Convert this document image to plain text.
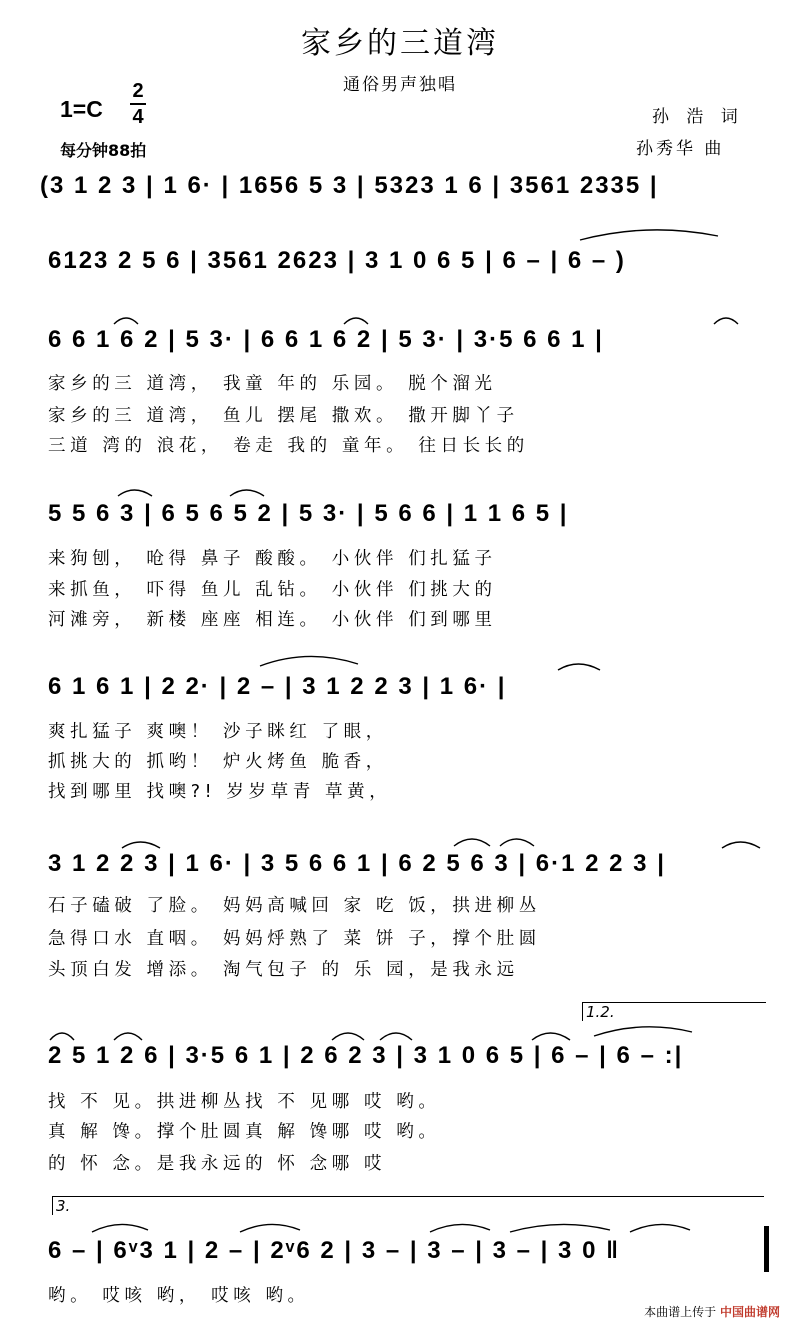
家乡的三道湾
通俗男声独唱
1=C
2
4
每分钟88拍
孙 浩 词
孙秀华 曲
(3 1 2 3 | 1 6· | 1656 5 3 | 5323 1 6 | 3561 2335 |
6123 2 5 6 | 3561 2623 | 3 1 0 6 5 | 6 – | 6 – )
6 6 1 6 2 | 5 3· | 6 6 1 6 2 | 5 3· | 3·5 6 6 1 |
家乡的三 道湾， 我童 年的 乐园。 脱个溜光
家乡的三 道湾， 鱼儿 摆尾 撒欢。 撒开脚丫子
三道 湾的 浪花， 卷走 我的 童年。 往日长长的
5 5 6 3 | 6 5 6 5 2 | 5 3· | 5 6 6 | 1 1 6 5 |
来狗刨， 呛得 鼻子 酸酸。 小伙伴 们扎猛子
来抓鱼， 吓得 鱼儿 乱钻。 小伙伴 们挑大的
河滩旁， 新楼 座座 相连。 小伙伴 们到哪里
6 1 6 1 | 2 2· | 2 – | 3 1 2 2 3 | 1 6· |
爽扎猛子 爽噢！ 沙子眯红 了眼，
抓挑大的 抓哟！ 炉火烤鱼 脆香，
找到哪里 找噢?! 岁岁草青 草黄，
3 1 2 2 3 | 1 6· | 3 5 6 6 1 | 6 2 5 6 3 | 6·1 2 2 3 |
石子磕破 了脸。 妈妈高喊回 家 吃 饭，拱进柳丛
急得口水 直咽。 妈妈烀熟了 菜 饼 子，撑个肚圆
头顶白发 增添。 淘气包子 的 乐 园，是我永远
1.2.
2 5 1 2 6 | 3·5 6 1 | 2 6 2 3 | 3 1 0 6 5 | 6 – | 6 – :|
找 不 见。拱进柳丛找 不 见哪 哎 哟。
真 解 馋。撑个肚圆真 解 馋哪 哎 哟。
的 怀 念。是我永远的 怀 念哪 哎
3.
6 – | 6ᵛ3 1 | 2 – | 2ᵛ6 2 | 3 – | 3 – | 3 – | 3 0 ‖
哟。 哎咳 哟， 哎咳 哟。
本曲谱上传于 中国曲谱网
